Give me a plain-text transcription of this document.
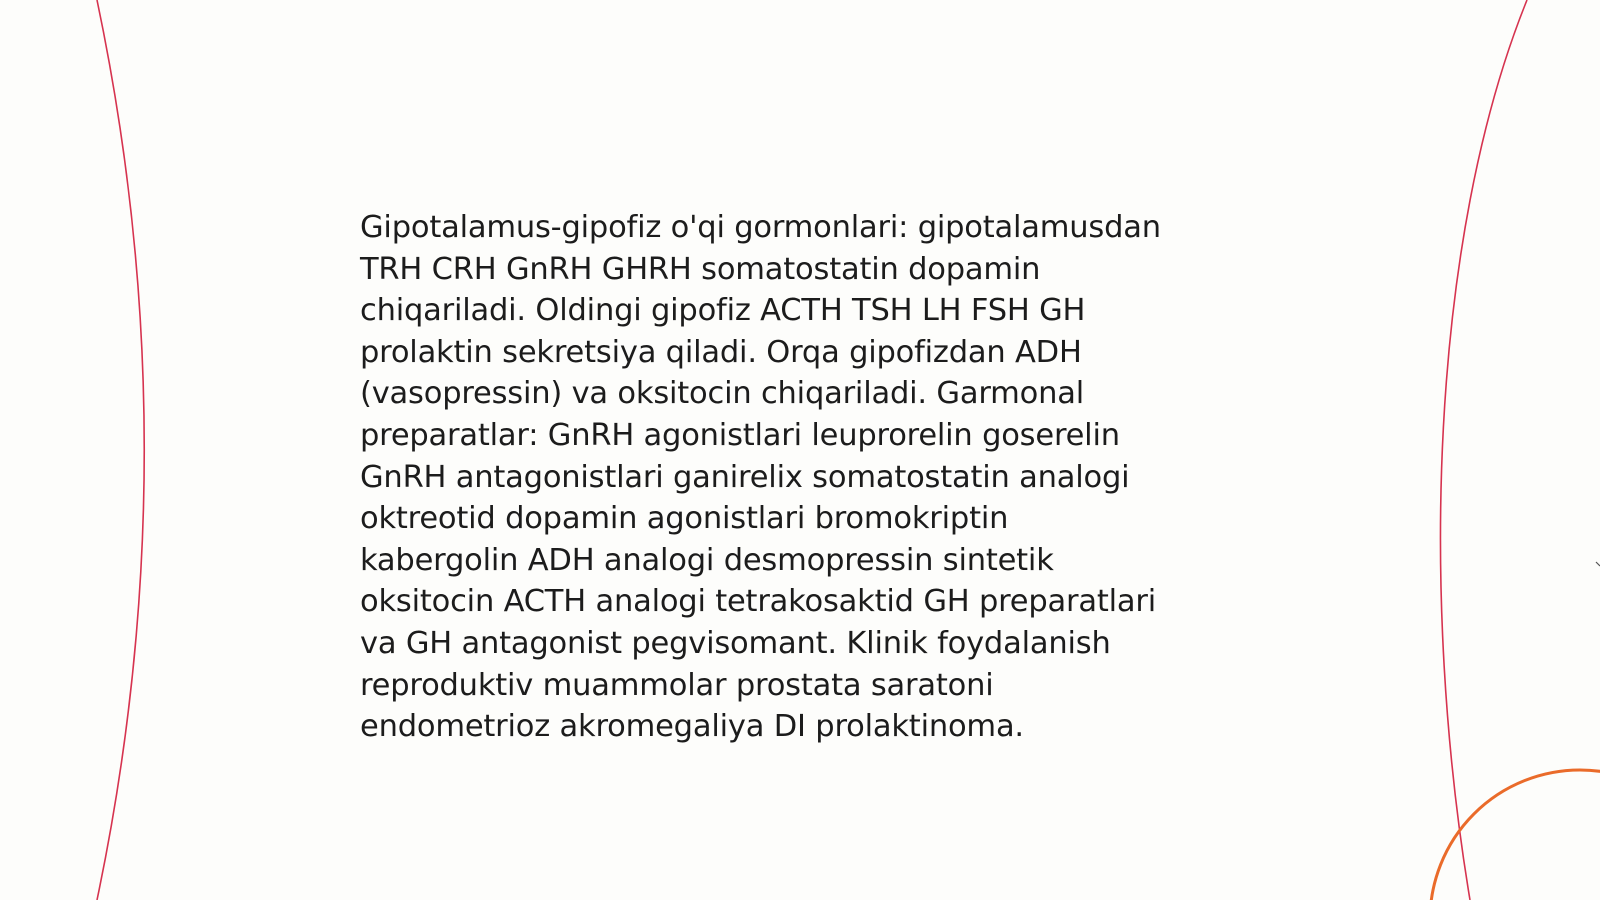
Gipotalamus-gipofiz o'qi gormonlari: gipotalamusdan
TRH CRH GnRH GHRH somatostatin dopamin
chiqariladi. Oldingi gipofiz ACTH TSH LH FSH GH
prolaktin sekretsiya qiladi. Orqa gipofizdan ADH
(vasopressin) va oksitocin chiqariladi. Garmonal
preparatlar: GnRH agonistlari leuprorelin goserelin
GnRH antagonistlari ganirelix somatostatin analogi
oktreotid dopamin agonistlari bromokriptin
kabergolin ADH analogi desmopressin sintetik
oksitocin ACTH analogi tetrakosaktid GH preparatlari
va GH antagonist pegvisomant. Klinik foydalanish
reproduktiv muammolar prostata saratoni
endometrioz akromegaliya DI prolaktinoma.
